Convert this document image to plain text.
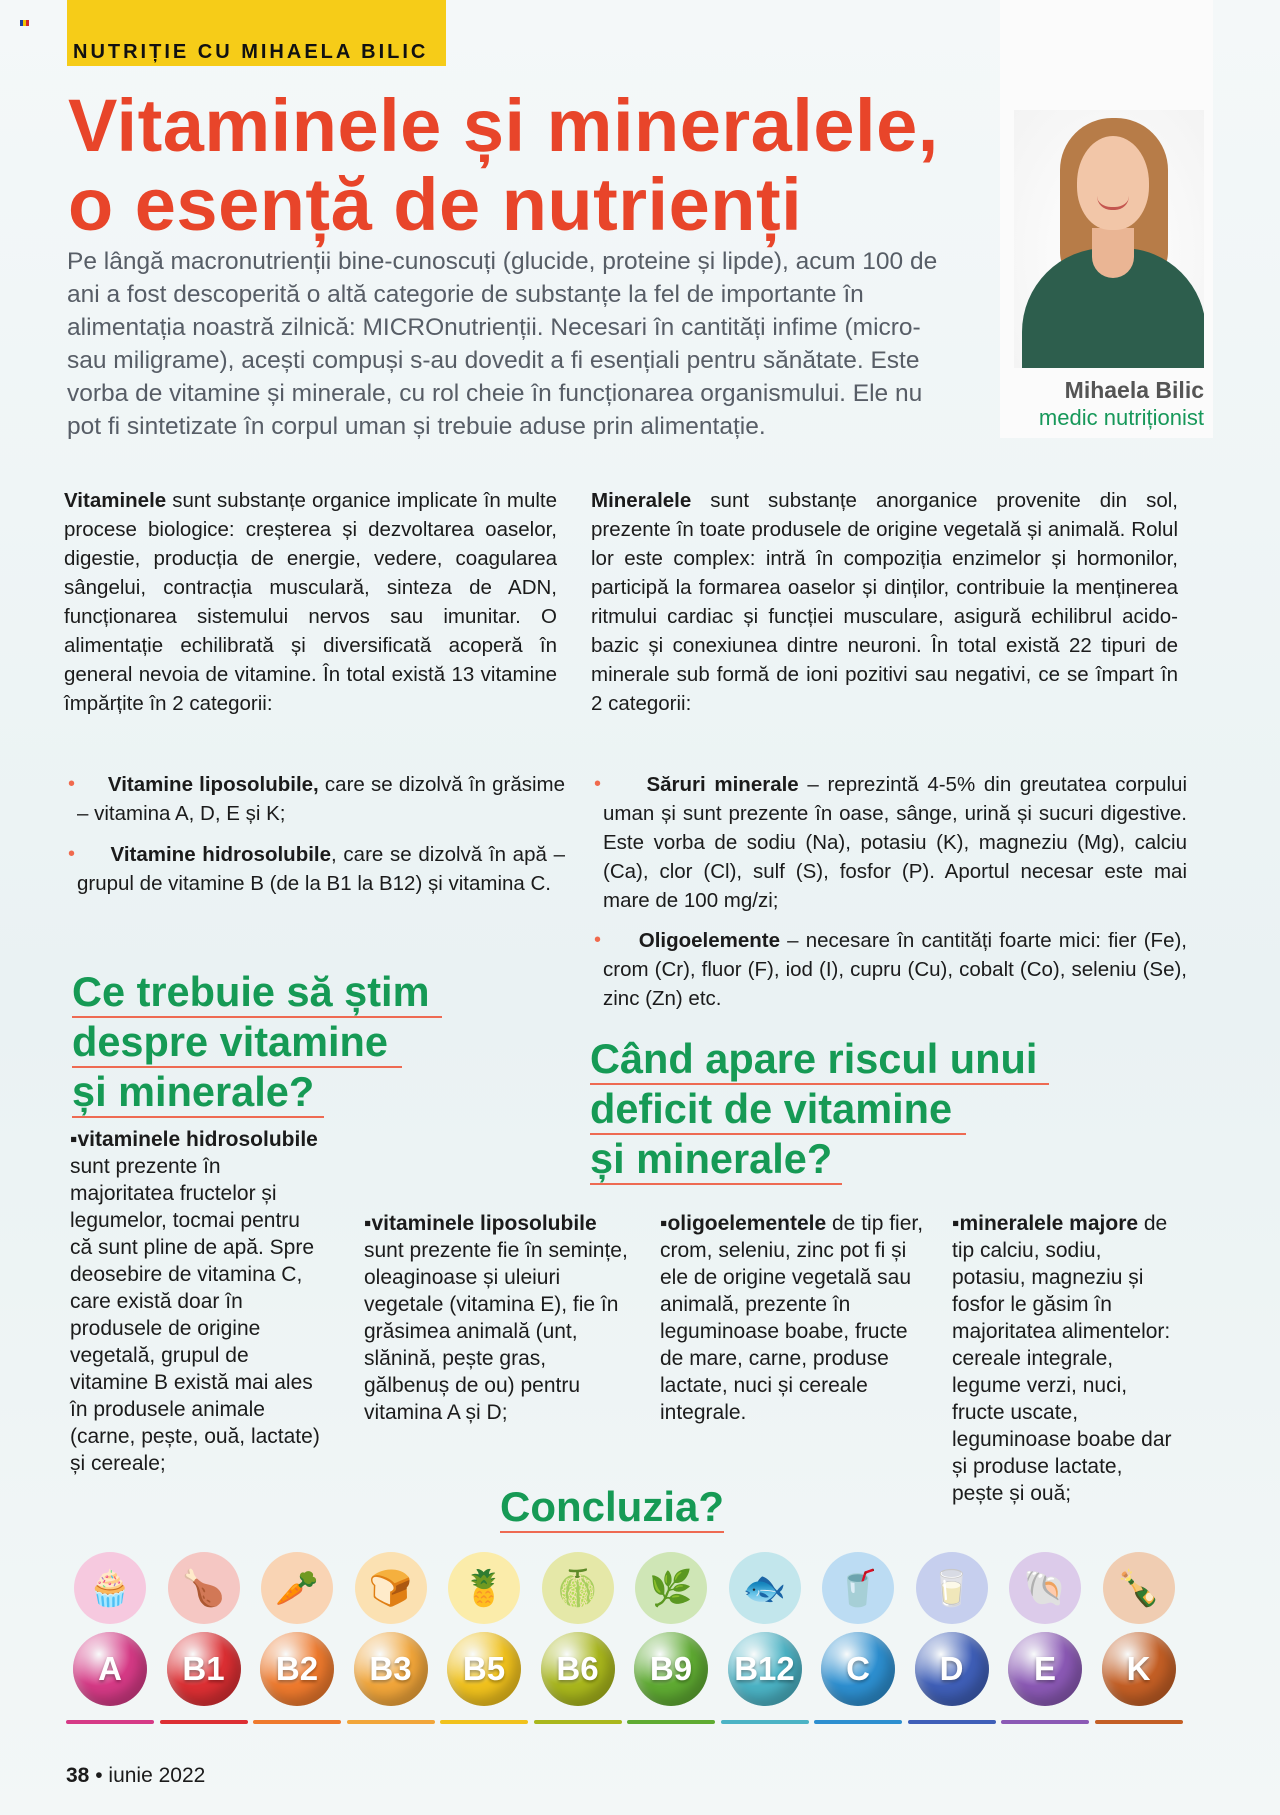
NUTRIȚIE CU MIHAELA BILIC
Vitaminele și mineralele,
o esență de nutrienți

Pe lângă macronutrienții bine-cunoscuți (glucide, proteine și lipde), acum 100 de ani a fost descoperită o altă categorie de substanțe la fel de importante în alimentația noastră zilnică: MICROnutrienții. Necesari în cantități infime (micro- sau miligrame), acești compuși s-au dovedit a fi esențiali pentru sănătate. Este vorba de vitamine și minerale, cu rol cheie în funcționarea organismului. Ele nu pot fi sintetizate în corpul uman și trebuie aduse prin alimentație.

Mihaela Bilic
medic nutriționist

Vitaminele sunt substanțe organice implicate în multe procese biologice: creșterea și dezvoltarea oaselor, digestie, producția de energie, vedere, coagularea sângelui, contracția musculară, sinteza de ADN, funcționarea sistemului nervos sau imunitar. O alimentație echilibrată și diversificată acoperă în general nevoia de vitamine. În total există 13 vitamine împărțite în 2 categorii:

• Vitamine liposolubile, care se dizolvă în grăsime – vitamina A, D, E și K;

• Vitamine hidrosolubile, care se dizolvă în apă – grupul de vitamine B (de la B1 la B12) și vitamina C.

Mineralele sunt substanțe anorganice provenite din sol, prezente în toate produsele de origine vegetală și animală. Rolul lor este complex: intră în compoziția enzimelor și hormonilor, participă la formarea oaselor și dinților, contribuie la menținerea ritmului cardiac și funcției musculare, asigură echilibrul acido-bazic și conexiunea dintre neuroni. În total există 22 tipuri de minerale sub formă de ioni pozitivi sau negativi, ce se împart în 2 categorii:

• Săruri minerale – reprezintă 4-5% din greutatea corpului uman și sunt prezente în oase, sânge, urină și sucuri digestive. Este vorba de sodiu (Na), potasiu (K), magneziu (Mg), calciu (Ca), clor (Cl), sulf (S), fosfor (P). Aportul necesar este mai mare de 100 mg/zi;

• Oligoelemente – necesare în cantități foarte mici: fier (Fe), crom (Cr), fluor (F), iod (I), cupru (Cu), cobalt (Co), seleniu (Se), zinc (Zn) etc.

Ce trebuie să știm
despre vitamine
și minerale?
Când apare riscul unui
deficit de vitamine
și minerale?

▪vitaminele hidrosolubile sunt prezente în majoritatea fructelor și legumelor, tocmai pentru că sunt pline de apă. Spre deosebire de vitamina C, care există doar în produsele de origine vegetală, grupul de vitamine B există mai ales în produsele animale (carne, pește, ouă, lactate) și cereale;

▪vitaminele liposolubile sunt prezente fie în semințe, oleaginoase și uleiuri vegetale (vitamina E), fie în grăsimea animală (unt, slănină, pește gras, gălbenuș de ou) pentru vitamina A și D;

▪oligoelementele de tip fier, crom, seleniu, zinc pot fi și ele de origine vegetală sau animală, prezente în leguminoase boabe, fructe de mare, carne, produse lactate, nuci și cereale integrale.

▪mineralele majore de tip calciu, sodiu, potasiu, magneziu și fosfor le găsim în majoritatea alimentelor: cereale integrale, legume verzi, nuci, fructe uscate, leguminoase boabe dar și produse lactate, pește și ouă;

Concluzia?
🧁
A
🍗
B1
🥕
B2
🍞
B3
🍍
B5
🍈
B6
🌿
B9
🐟
B12
🥤
C
🥛
D
🐚
E
🍾
K
38 • iunie 2022
